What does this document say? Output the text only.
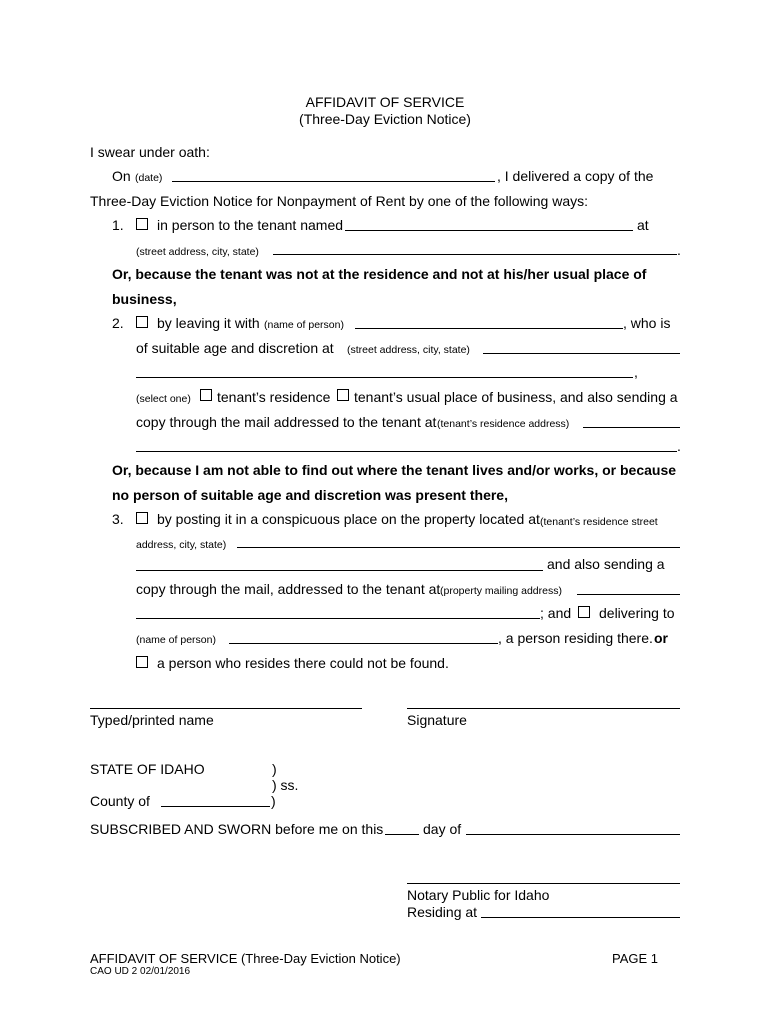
AFFIDAVIT OF SERVICE
(Three-Day Eviction Notice)
I swear under oath:
On (date)	, I delivered a copy of the
Three-Day Eviction Notice for Nonpayment of Rent by one of the following ways:
1. in person to the tenant named	at
(street address, city, state)	.
Or, because the tenant was not at the residence and not at his/her usual place of
business,
2. by leaving it with (name of person)	, who is
of suitable age and discretion at (street address, city, state)
,
(select one) tenant’s residence tenant’s usual place of business, and also sending a
copy through the mail addressed to the tenant at (tenant’s residence address)
.
Or, because I am not able to find out where the tenant lives and/or works, or because
no person of suitable age and discretion was present there,
3. by posting it in a conspicuous place on the property located at (tenant’s residence street
address, city, state)
and also sending a
copy through the mail, addressed to the tenant at (property mailing address)
; and delivering to
(name of person)	, a person residing there. or
a person who resides there could not be found.
Typed/printed name	Signature
STATE OF IDAHO	)
) ss.
County of	)
SUBSCRIBED AND SWORN before me on this	day of
Notary Public for Idaho
Residing at
AFFIDAVIT OF SERVICE (Three-Day Eviction Notice)
CAO UD 2 02/01/2016
PAGE 1
